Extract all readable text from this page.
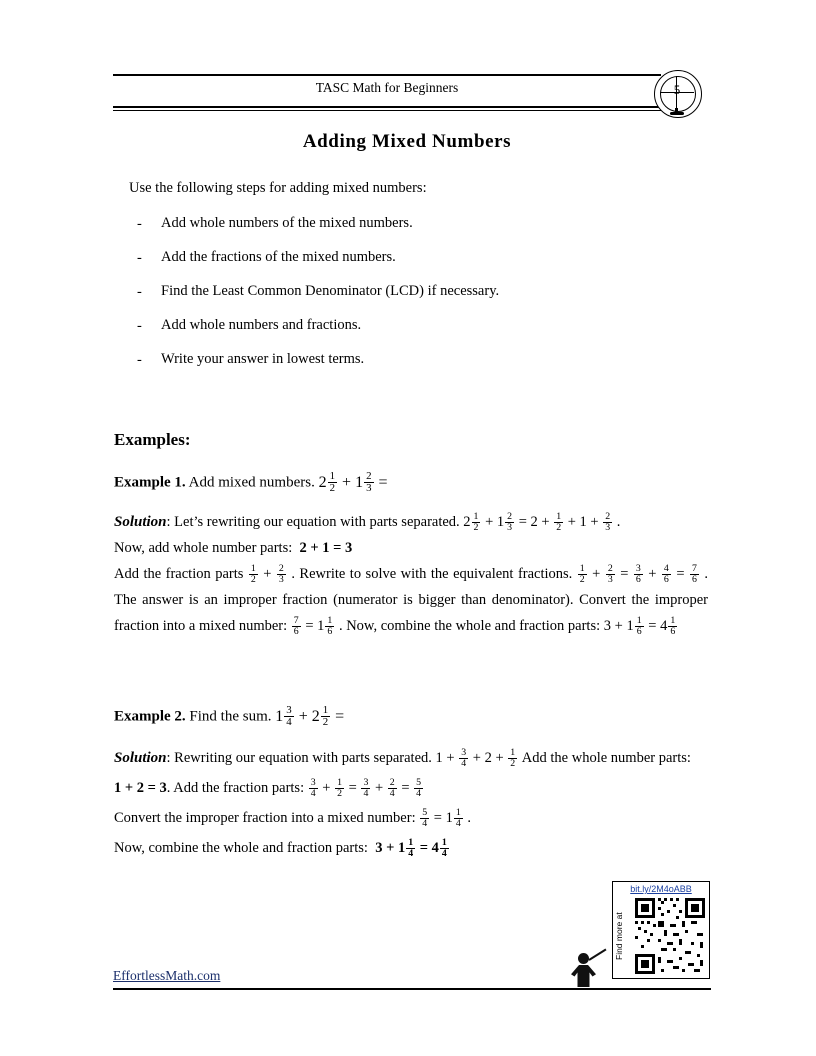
TASC Math for Beginners	5
Adding Mixed Numbers
Use the following steps for adding mixed numbers:
-	Add whole numbers of the mixed numbers.
-	Add the fractions of the mixed numbers.
-	Find the Least Common Denominator (LCD) if necessary.
-	Add whole numbers and fractions.
-	Write your answer in lowest terms.
Examples:
Example 1. Add mixed numbers. $2 \frac{1}{2} + 1 \frac{2}{3}$ =
Solution: Let’s rewriting our equation with parts separated. $2 \frac{1}{2} + 1 \frac{2}{3} = 2 + \frac{1}{2} + 1 + \frac{2}{3}$ .
Now, add whole number parts:  2 + 1 = 3
Add the fraction parts $\frac{1}{2} + \frac{2}{3}$ . Rewrite to solve with the equivalent fractions. $\frac{1}{2} + \frac{2}{3} = \frac{3}{6} + \frac{4}{6} = \frac{7}{6}$ . The answer is an improper fraction (numerator is bigger than denominator). Convert the improper fraction into a mixed number: $\frac{7}{6} = 1 \frac{1}{6}$ . Now, combine the whole and fraction parts: $3 + 1 \frac{1}{6} = 4 \frac{1}{6}$
Example 2. Find the sum. $1 \frac{3}{4} + 2 \frac{1}{2}$ =
Solution: Rewriting our equation with parts separated. $1 + \frac{3}{4} + 2 + \frac{1}{2}$ Add the whole number parts:
1 + 2 = 3. Add the fraction parts: $\frac{3}{4} + \frac{1}{2} = \frac{3}{4} + \frac{2}{4} = \frac{5}{4}$

Convert the improper fraction into a mixed number: $\frac{5}{4} = 1 \frac{1}{4}$ .
Now, combine the whole and fraction parts:  $3 + 1 \frac{1}{4} = 4 \frac{1}{4}$
bit.ly/2M4oABB
Find more at
EffortlessMath.com
